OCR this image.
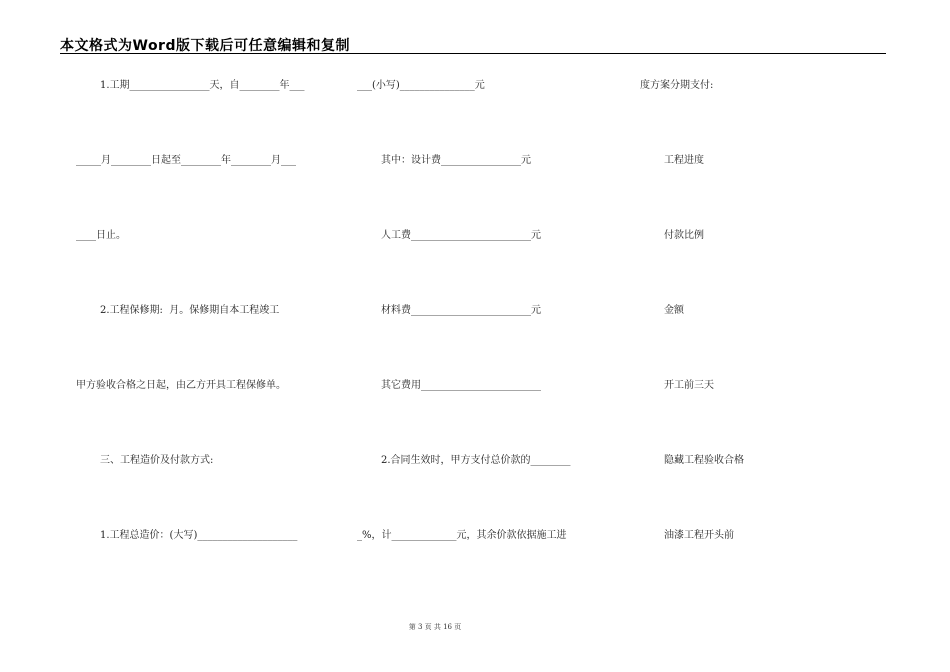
本文格式为Word版下载后可任意编辑和复制
1.工期________________天，自________年___
_____月________日起至________年________月___
____日止。
2.工程保修期:  月。保修期自本工程竣工
甲方验收合格之日起，由乙方开具工程保修单。
三、工程造价及付款方式:
1.工程总造价：(大写)____________________
___(小写)_______________元
其中：设计费________________元
人工费________________________元
材料费________________________元
其它费用________________________
2.合同生效时，甲方支付总价款的________
_%，计_____________元，其余价款依据施工进
度方案分期支付:
工程进度
付款比例
金额
开工前三天
隐藏工程验收合格
油漆工程开头前
第 3 页 共 16 页
